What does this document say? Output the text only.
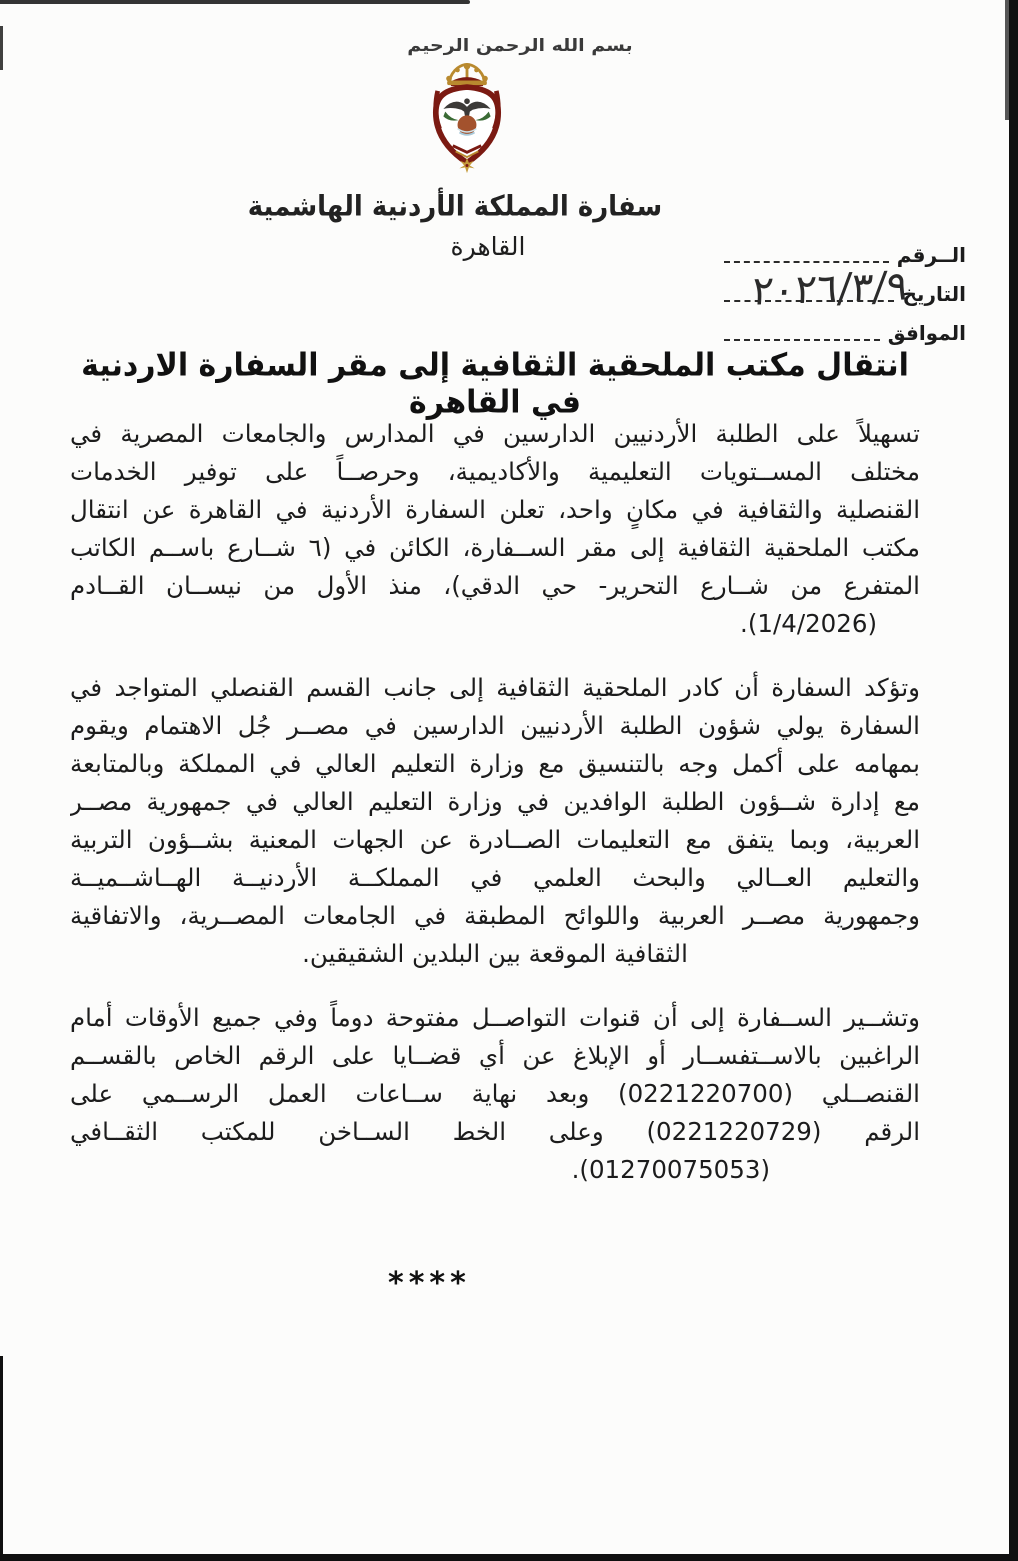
بسم الله الرحمن الرحيم
سفارة المملكة الأردنية الهاشمية
القاهرة	الــرقم
التاريخ
٢٠٢٦/٣/٩
الموافق
انتقال مكتب الملحقية الثقافية إلى مقر السفارة الاردنية في القاهرة
تسهيلاً على الطلبة الأردنيين الدارسين في المدارس والجامعات المصرية في
مختلف المســتويات التعليمية والأكاديمية، وحرصــاً على توفير الخدمات
القنصلية والثقافية في مكانٍ واحد، تعلن السفارة الأردنية في القاهرة عن انتقال
مكتب الملحقية الثقافية إلى مقر الســفارة، الكائن في (٦ شــارع باســم الكاتب
المتفرع من شــارع التحرير- حي الدقي)، منذ الأول من نيســان القــادم
(1/4/2026).
وتؤكد السفارة أن كادر الملحقية الثقافية إلى جانب القسم القنصلي المتواجد في
السفارة يولي شؤون الطلبة الأردنيين الدارسين في مصــر جُل الاهتمام ويقوم
بمهامه على أكمل وجه بالتنسيق مع وزارة التعليم العالي في المملكة وبالمتابعة
مع إدارة شــؤون الطلبة الوافدين في وزارة التعليم العالي في جمهورية مصــر
العربية، وبما يتفق مع التعليمات الصــادرة عن الجهات المعنية بشــؤون التربية
والتعليم العــالي والبحث العلمي في المملكــة الأردنيــة الهــاشــميــة
وجمهورية مصــر العربية واللوائح المطبقة في الجامعات المصــرية، والاتفاقية
الثقافية الموقعة بين البلدين الشقيقين.
وتشــير الســفارة إلى أن قنوات التواصــل مفتوحة دوماً وفي جميع الأوقات أمام
الراغبين بالاســتفســار أو الإبلاغ عن أي قضــايا على الرقم الخاص بالقســم
القنصــلي (0221220700) وبعد نهاية ســاعات العمل الرســمي على
الرقم (0221220729) وعلى الخط الســاخن للمكتب الثقــافي
(01270075053).
****
